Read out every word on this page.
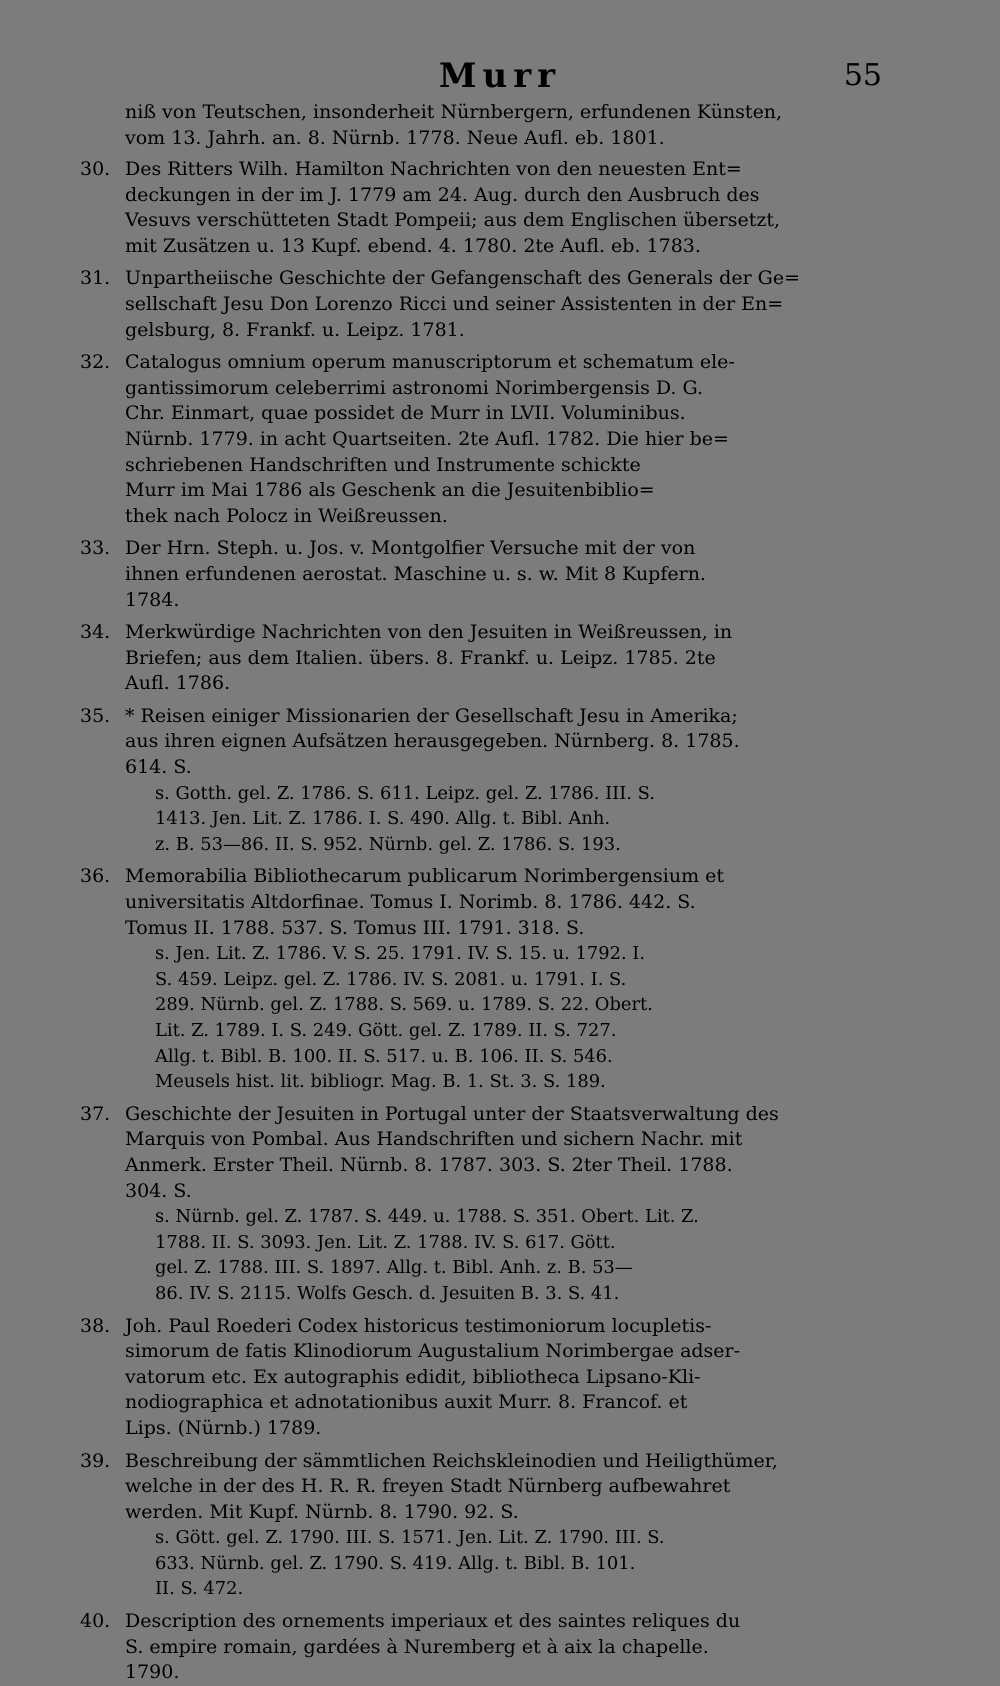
Murr	55
niß von Teutschen, insonderheit Nürnbergern, erfundenen Künsten,
vom 13. Jahrh. an. 8. Nürnb. 1778. Neue Aufl. eb. 1801.
30. Des Ritters Wilh. Hamilton Nachrichten von den neuesten Ent=
deckungen in der im J. 1779 am 24. Aug. durch den Ausbruch des
Vesuvs verschütteten Stadt Pompeii; aus dem Englischen übersetzt,
mit Zusätzen u. 13 Kupf. ebend. 4. 1780. 2te Aufl. eb. 1783.
31. Unpartheiische Geschichte der Gefangenschaft des Generals der Ge=
sellschaft Jesu Don Lorenzo Ricci und seiner Assistenten in der En=
gelsburg, 8. Frankf. u. Leipz. 1781.
32. Catalogus omnium operum manuscriptorum et schematum ele-
gantissimorum celeberrimi astronomi Norimbergensis D. G.
Chr. Einmart, quae possidet de Murr in LVII. Voluminibus.
Nürnb. 1779. in acht Quartseiten. 2te Aufl. 1782. Die hier be=
schriebenen Handschriften und Instrumente schickte
Murr im Mai 1786 als Geschenk an die Jesuitenbiblio=
thek nach Polocz in Weißreussen.
33. Der Hrn. Steph. u. Jos. v. Montgolfier Versuche mit der von
ihnen erfundenen aerostat. Maschine u. s. w. Mit 8 Kupfern.
1784.
34. Merkwürdige Nachrichten von den Jesuiten in Weißreussen, in
Briefen; aus dem Italien. übers. 8. Frankf. u. Leipz. 1785. 2te
Aufl. 1786.
35. * Reisen einiger Missionarien der Gesellschaft Jesu in Amerika;
aus ihren eignen Aufsätzen herausgegeben. Nürnberg. 8. 1785.
614. S.
s. Gotth. gel. Z. 1786. S. 611. Leipz. gel. Z. 1786. III. S.
1413. Jen. Lit. Z. 1786. I. S. 490. Allg. t. Bibl. Anh.
z. B. 53—86. II. S. 952. Nürnb. gel. Z. 1786. S. 193.
36. Memorabilia Bibliothecarum publicarum Norimbergensium et
universitatis Altdorfinae. Tomus I. Norimb. 8. 1786. 442. S.
Tomus II. 1788. 537. S. Tomus III. 1791. 318. S.
s. Jen. Lit. Z. 1786. V. S. 25. 1791. IV. S. 15. u. 1792. I.
S. 459. Leipz. gel. Z. 1786. IV. S. 2081. u. 1791. I. S.
289. Nürnb. gel. Z. 1788. S. 569. u. 1789. S. 22. Obert.
Lit. Z. 1789. I. S. 249. Gött. gel. Z. 1789. II. S. 727.
Allg. t. Bibl. B. 100. II. S. 517. u. B. 106. II. S. 546.
Meusels hist. lit. bibliogr. Mag. B. 1. St. 3. S. 189.
37. Geschichte der Jesuiten in Portugal unter der Staatsverwaltung des
Marquis von Pombal. Aus Handschriften und sichern Nachr. mit
Anmerk. Erster Theil. Nürnb. 8. 1787. 303. S. 2ter Theil. 1788.
304. S.
s. Nürnb. gel. Z. 1787. S. 449. u. 1788. S. 351. Obert. Lit. Z.
1788. II. S. 3093. Jen. Lit. Z. 1788. IV. S. 617. Gött.
gel. Z. 1788. III. S. 1897. Allg. t. Bibl. Anh. z. B. 53—
86. IV. S. 2115. Wolfs Gesch. d. Jesuiten B. 3. S. 41.
38. Joh. Paul Roederi Codex historicus testimoniorum locupletis-
simorum de fatis Klinodiorum Augustalium Norimbergae adser-
vatorum etc. Ex autographis edidit, bibliotheca Lipsano-Kli-
nodiographica et adnotationibus auxit Murr. 8. Francof. et
Lips. (Nürnb.) 1789.
39. Beschreibung der sämmtlichen Reichskleinodien und Heiligthümer,
welche in der des H. R. R. freyen Stadt Nürnberg aufbewahret
werden. Mit Kupf. Nürnb. 8. 1790. 92. S.
s. Gött. gel. Z. 1790. III. S. 1571. Jen. Lit. Z. 1790. III. S.
633. Nürnb. gel. Z. 1790. S. 419. Allg. t. Bibl. B. 101.
II. S. 472.
40. Description des ornements imperiaux et des saintes reliques du
S. empire romain, gardées à Nuremberg et à aix la chapelle.
1790.
